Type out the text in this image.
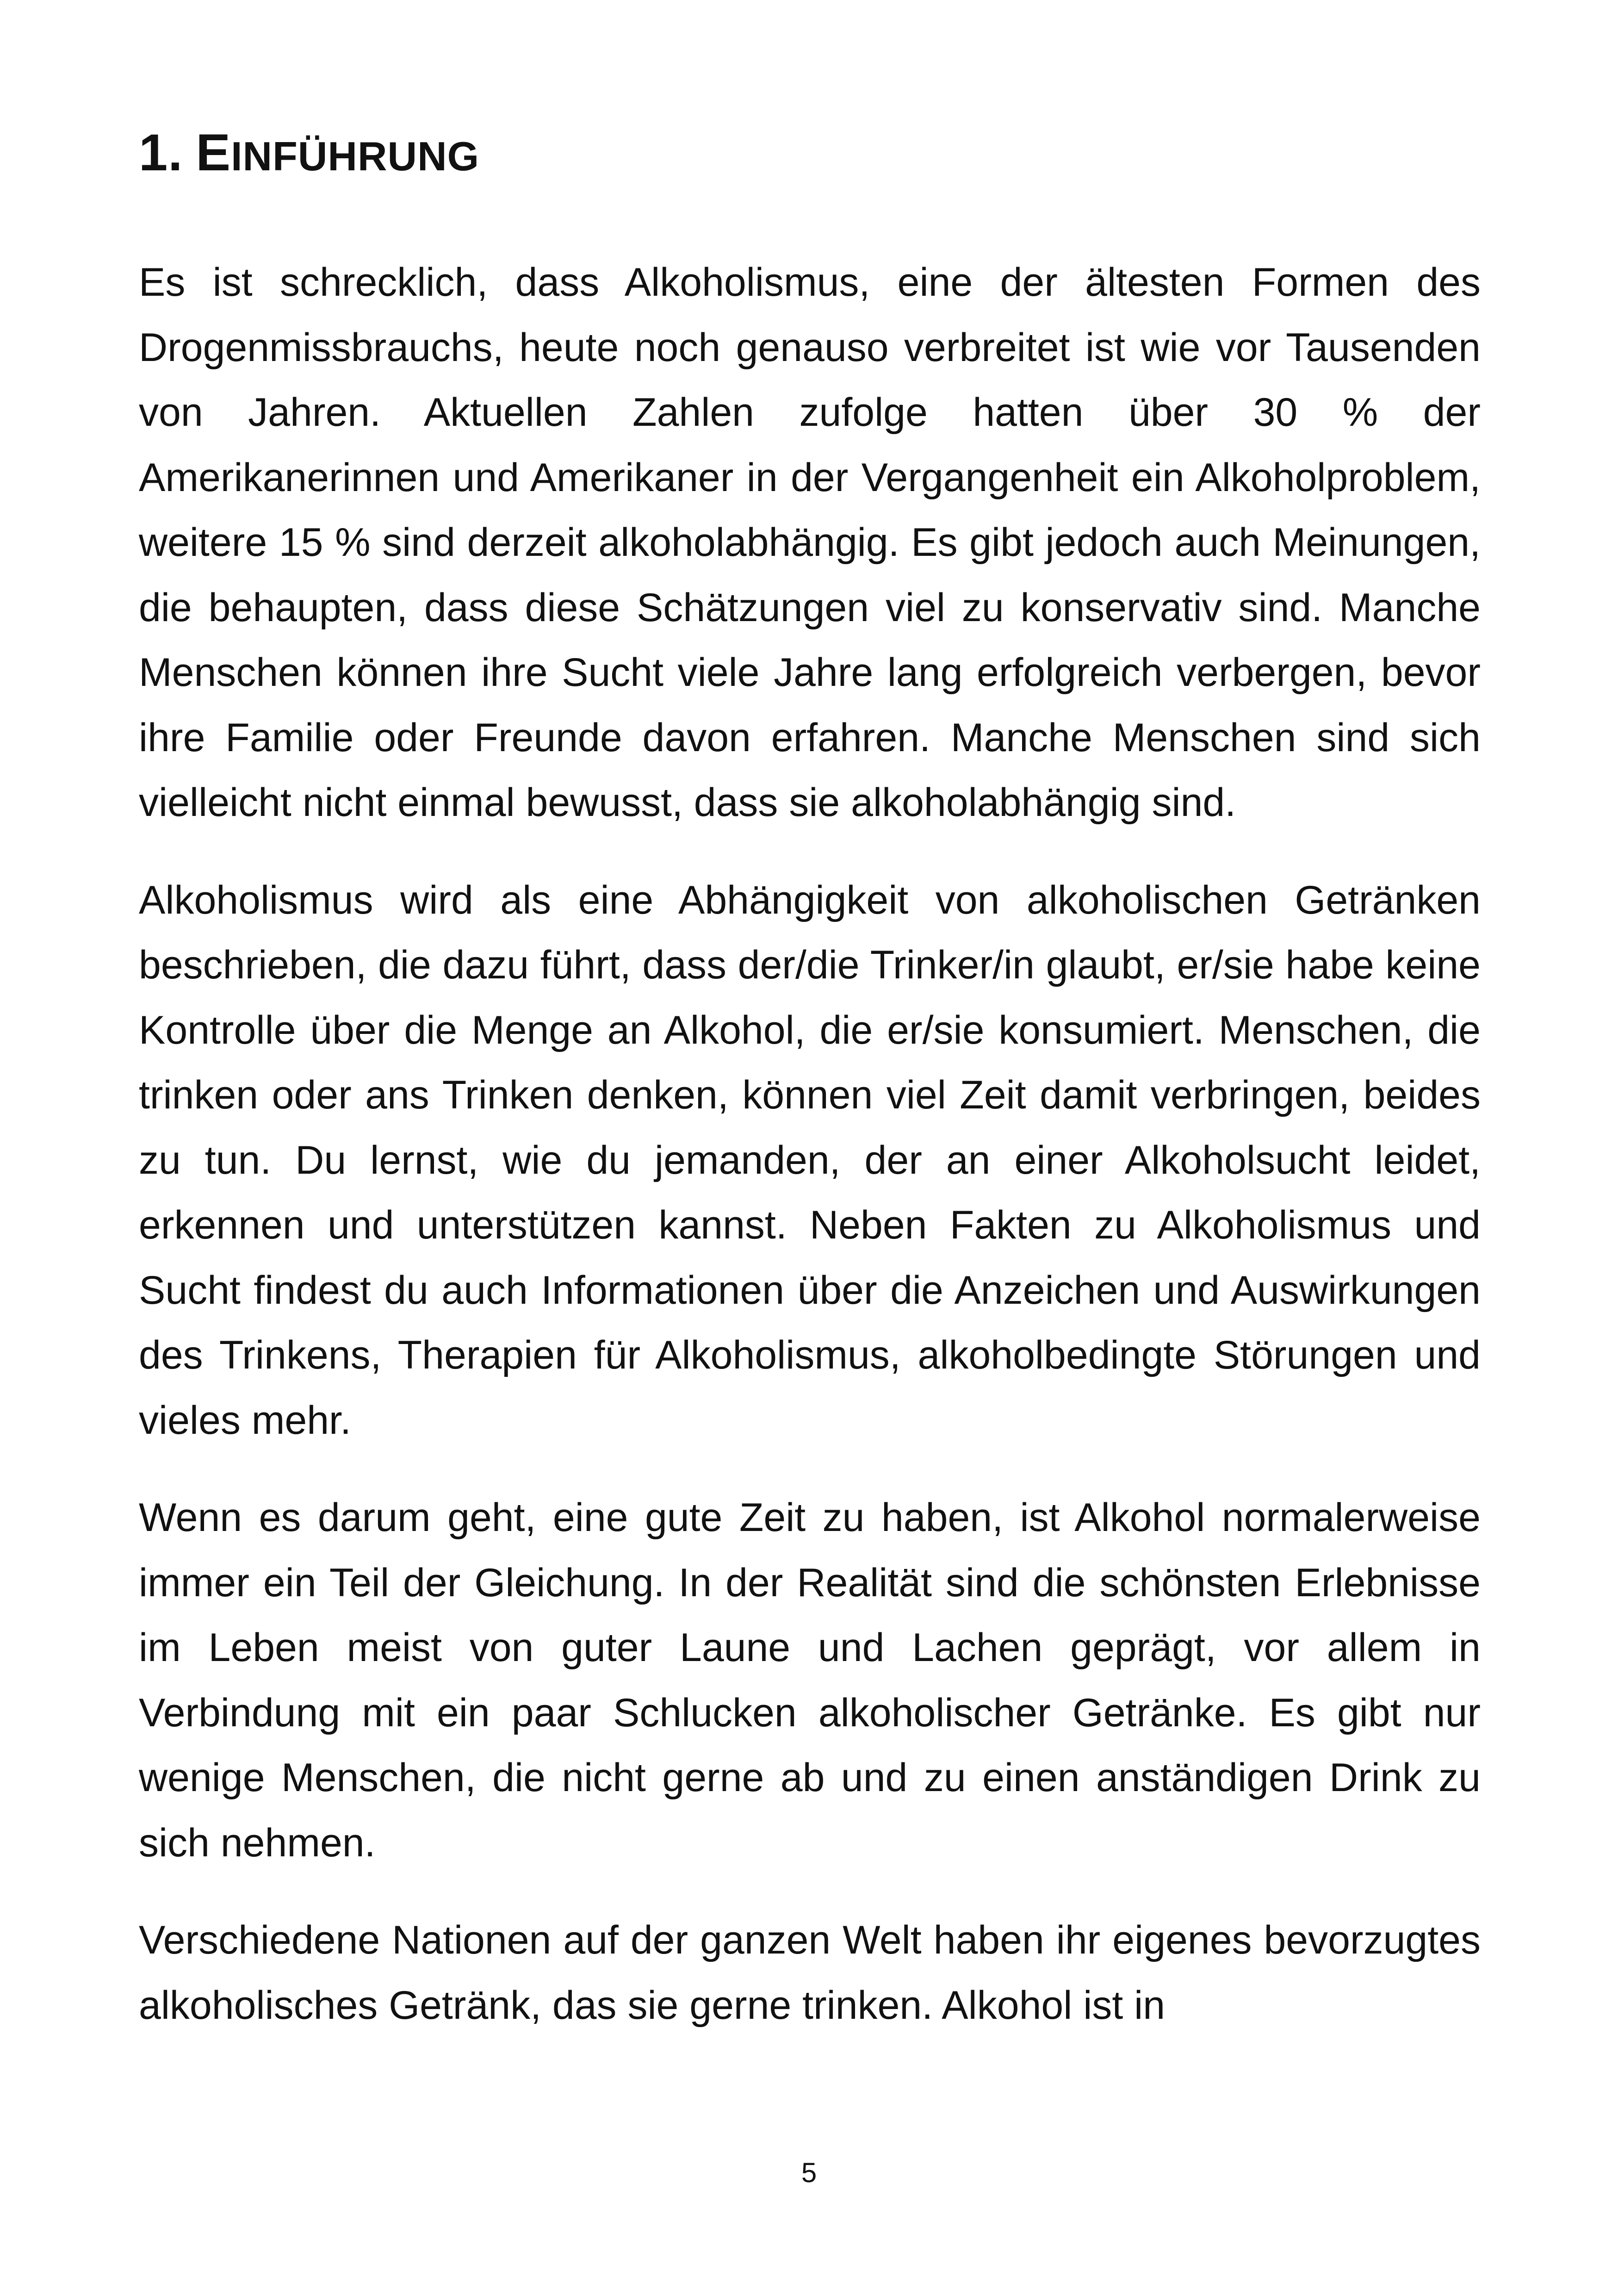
1. EINFÜHRUNG

Es ist schrecklich, dass Alkoholismus, eine der ältesten Formen des Drogenmissbrauchs, heute noch genauso verbreitet ist wie vor Tausenden von Jahren. Aktuellen Zahlen zufolge hatten über 30 % der Amerikanerinnen und Amerikaner in der Vergangenheit ein Alkoholproblem, weitere 15 % sind derzeit alkoholabhängig. Es gibt jedoch auch Meinungen, die behaupten, dass diese Schätzungen viel zu konservativ sind. Manche Menschen können ihre Sucht viele Jahre lang erfolgreich verbergen, bevor ihre Familie oder Freunde davon erfahren. Manche Menschen sind sich vielleicht nicht einmal bewusst, dass sie alkoholabhängig sind.

Alkoholismus wird als eine Abhängigkeit von alkoholischen Getränken beschrieben, die dazu führt, dass der/die Trinker/in glaubt, er/sie habe keine Kontrolle über die Menge an Alkohol, die er/sie konsumiert. Menschen, die trinken oder ans Trinken denken, können viel Zeit damit verbringen, beides zu tun. Du lernst, wie du jemanden, der an einer Alkoholsucht leidet, erkennen und unterstützen kannst. Neben Fakten zu Alkoholismus und Sucht findest du auch Informationen über die Anzeichen und Auswirkungen des Trinkens, Therapien für Alkoholismus, alkoholbedingte Störungen und vieles mehr.

Wenn es darum geht, eine gute Zeit zu haben, ist Alkohol normalerweise immer ein Teil der Gleichung. In der Realität sind die schönsten Erlebnisse im Leben meist von guter Laune und Lachen geprägt, vor allem in Verbindung mit ein paar Schlucken alkoholischer Getränke. Es gibt nur wenige Menschen, die nicht gerne ab und zu einen anständigen Drink zu sich nehmen.

Verschiedene Nationen auf der ganzen Welt haben ihr eigenes bevorzugtes alkoholisches Getränk, das sie gerne trinken. Alkohol ist in

5
